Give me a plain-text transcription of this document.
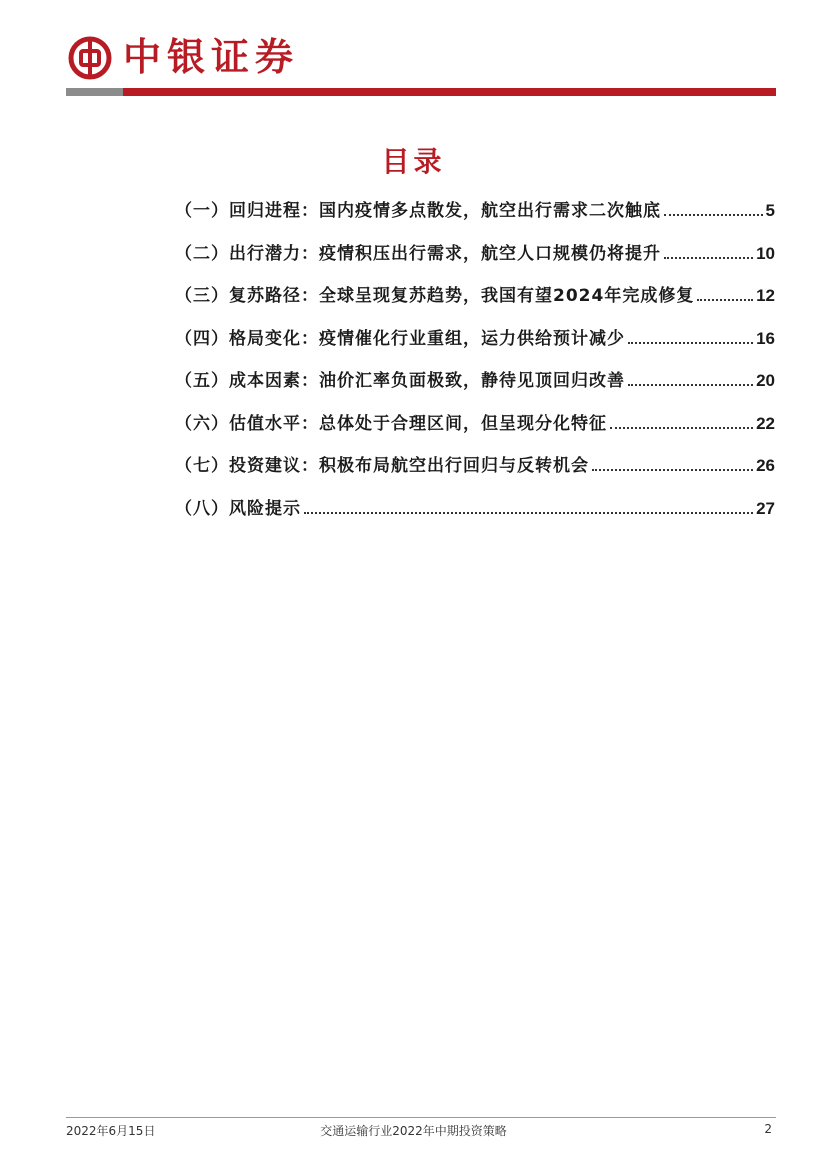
中银证券
目录
（一）回归进程：国内疫情多点散发，航空出行需求二次触底	5
（二）出行潜力：疫情积压出行需求，航空人口规模仍将提升	10
（三）复苏路径：全球呈现复苏趋势，我国有望2024年完成修复	12
（四）格局变化：疫情催化行业重组，运力供给预计减少	16
（五）成本因素：油价汇率负面极致，静待见顶回归改善	20
（六）估值水平：总体处于合理区间，但呈现分化特征	22
（七）投资建议：积极布局航空出行回归与反转机会	26
（八）风险提示	27
2022年6月15日	交通运输行业2022年中期投资策略	2
